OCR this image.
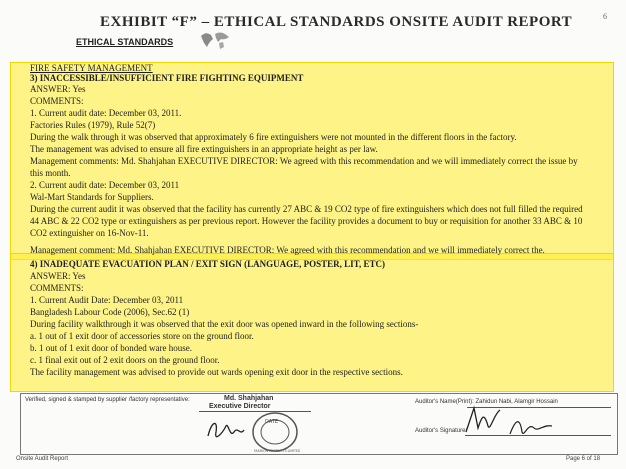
EXHIBIT “F” – ETHICAL STANDARDS ONSITE AUDIT REPORT	6
ETHICAL STANDARDS
FIRE SAFETY MANAGEMENT
3) INACCESSIBLE/INSUFFICIENT FIRE FIGHTING EQUIPMENT
ANSWER: Yes
COMMENTS:
1. Current audit date: December 03, 2011.
Factories Rules (1979), Rule 52(7)
During the walk through it was observed that approximately 6 fire extinguishers were not mounted in the different floors in the factory.
The management was advised to ensure all fire extinguishers in an appropriate height as per law.
Management comments: Md. Shahjahan EXECUTIVE DIRECTOR: We agreed with this recommendation and we will immediately correct the issue by
this month.
2. Current audit date: December 03, 2011
Wal-Mart Standards for Suppliers.
During the current audit it was observed that the facility has currently 27 ABC & 19 CO2 type of fire extinguishers which does not full filled the required
44 ABC & 22 CO2 type or extinguishers as per previous report. However the facility provides a document to buy or requisition for another 33 ABC & 10
CO2 extinguisher on 16-Nov-11.
Management comment: Md. Shahjahan EXECUTIVE DIRECTOR: We agreed with this recommendation and we will immediately correct the.
4) INADEQUATE EVACUATION PLAN / EXIT SIGN (LANGUAGE, POSTER, LIT, ETC)
ANSWER: Yes
COMMENTS:
1. Current Audit Date: December 03, 2011
Bangladesh Labour Code (2006), Sec.62 (1)
During facility walkthrough it was observed that the exit door was opened inward in the following sections-
a. 1 out of 1 exit door of accessories store on the ground floor.
b. 1 out of 1 exit door of bonded ware house.
c. 1 final exit out of 2 exit doors on the ground floor.
The facility management was advised to provide out wards opening exit door in the respective sections.
Verified, signed & stamped by supplier /factory representative:	Md. Shahjahan
Executive Director
Auditor's Name(Print): Zahidun Nabi, Alamgir Hossain
Auditor's Signature:
DATE
FASHION PRODUCTS LIMITED
Onsite Audit Report	Page 6 of 18
